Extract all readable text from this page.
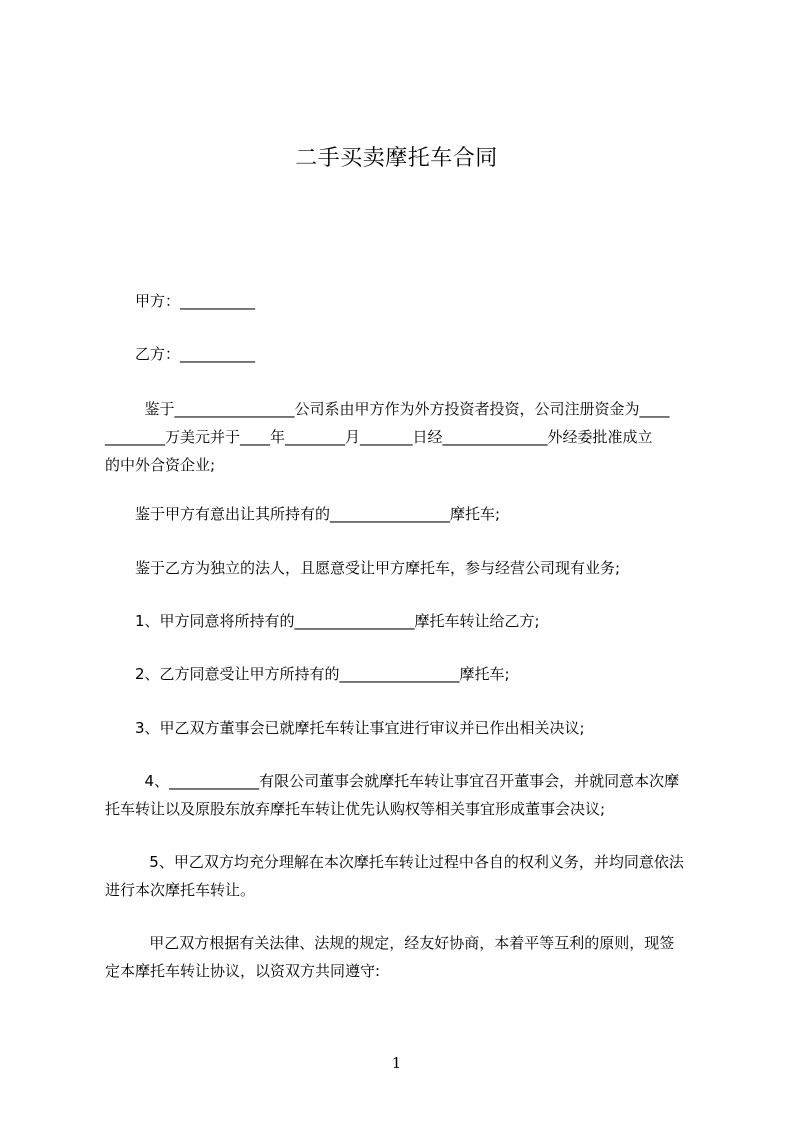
二手买卖摩托车合同
甲方：__________
乙方：__________
鉴于________________公司系由甲方作为外方投资者投资，公司注册资金为____
________万美元并于____年________月_______日经______________外经委批准成立
的中外合资企业;
鉴于甲方有意出让其所持有的________________摩托车;
鉴于乙方为独立的法人，且愿意受让甲方摩托车，参与经营公司现有业务;
1、甲方同意将所持有的________________摩托车转让给乙方;
2、乙方同意受让甲方所持有的________________摩托车;
3、甲乙双方董事会已就摩托车转让事宜进行审议并已作出相关决议;
4、____________有限公司董事会就摩托车转让事宜召开董事会，并就同意本次摩
托车转让以及原股东放弃摩托车转让优先认购权等相关事宜形成董事会决议;
5、甲乙双方均充分理解在本次摩托车转让过程中各自的权利义务，并均同意依法
进行本次摩托车转让。
甲乙双方根据有关法律、法规的规定，经友好协商，本着平等互利的原则，现签
定本摩托车转让协议，以资双方共同遵守:
1
